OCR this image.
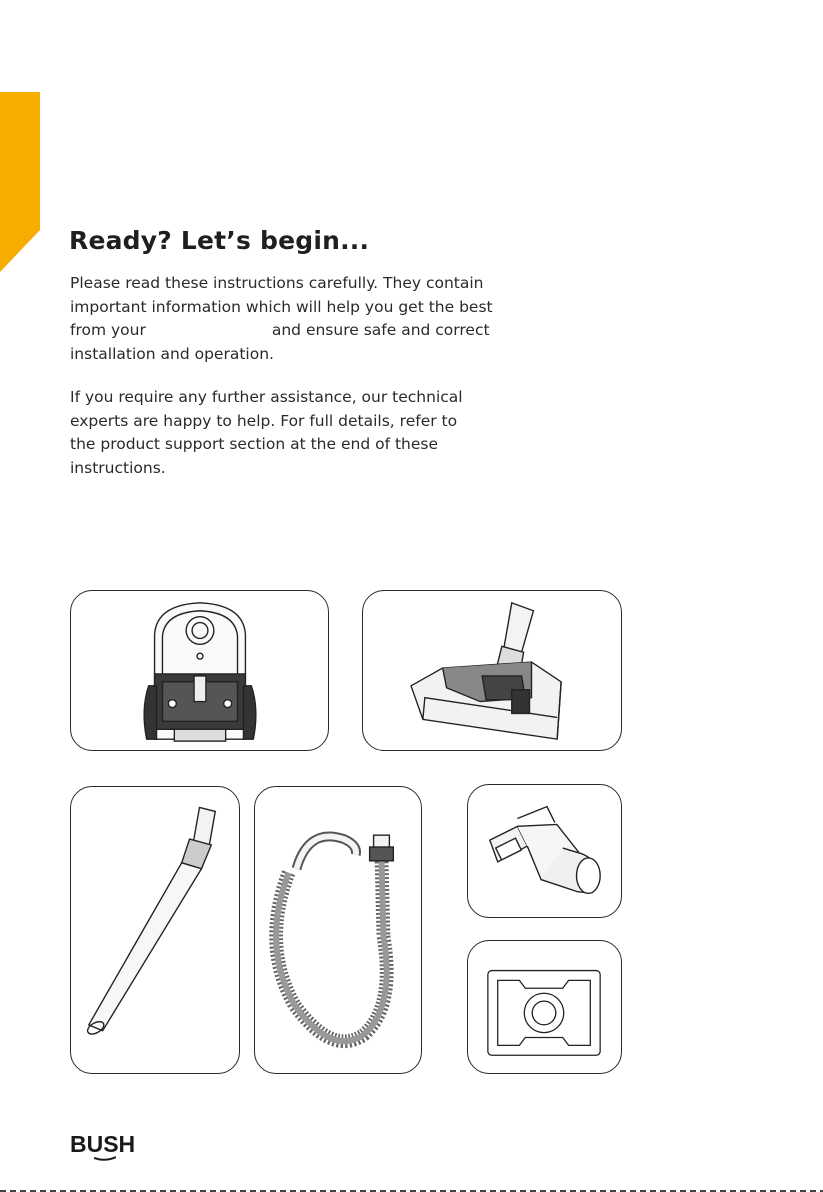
Ready? Let’s begin...

Please read these instructions carefully. They contain
important information which will help you get the best
from your	and ensure safe and correct
installation and operation.

If you require any further assistance, our technical
experts are happy to help. For full details, refer to
the product support section at the end of these
instructions.

BUSH
